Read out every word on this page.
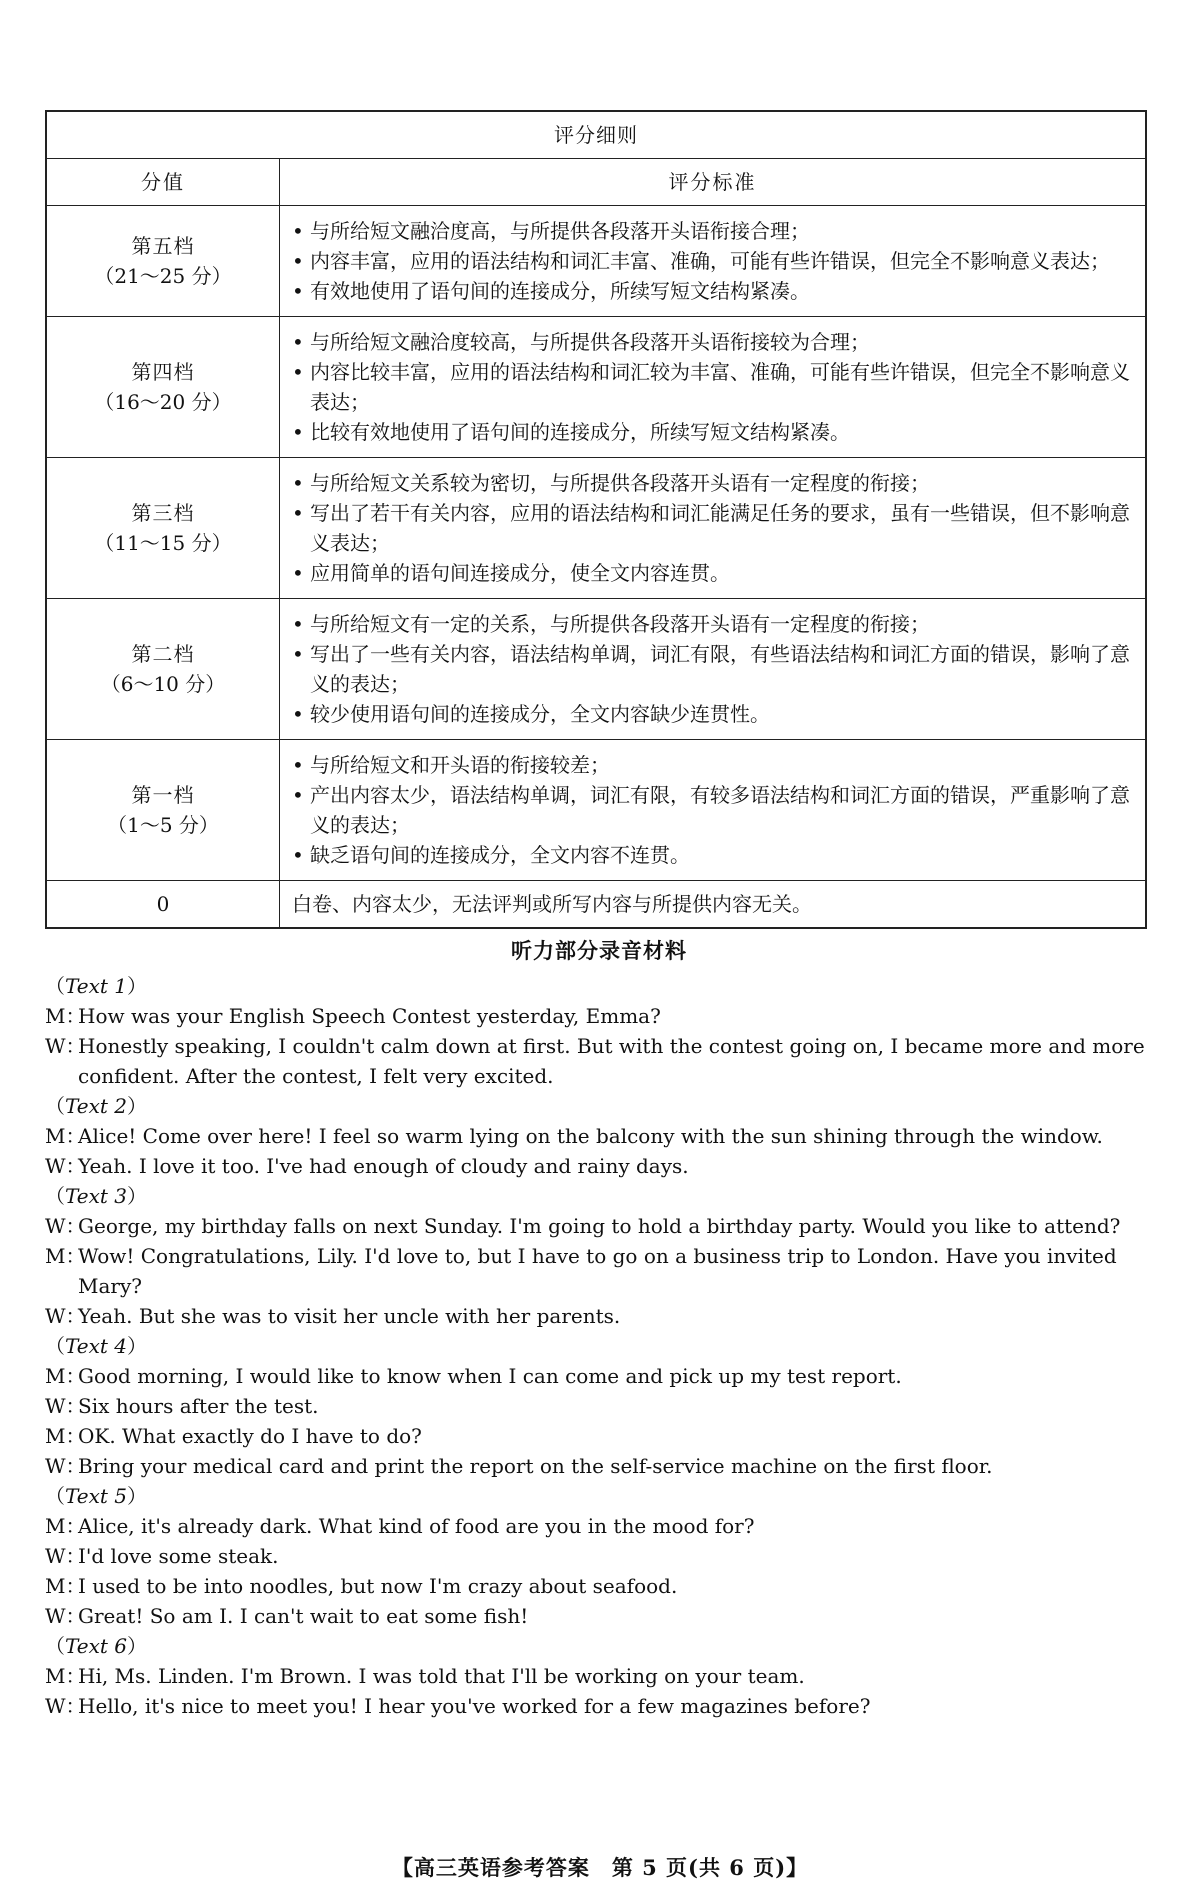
评分细则	
分值	评分标准

第五档
（21～25 分）	• 与所给短文融洽度高，与所提供各段落开头语衔接合理；
• 内容丰富，应用的语法结构和词汇丰富、准确，可能有些许错误，但完全不影响意义表达；
• 有效地使用了语句间的连接成分，所续写短文结构紧凑。

第四档
（16～20 分）	• 与所给短文融洽度较高，与所提供各段落开头语衔接较为合理；
• 内容比较丰富，应用的语法结构和词汇较为丰富、准确，可能有些许错误，但完全不影响意义表达；
• 比较有效地使用了语句间的连接成分，所续写短文结构紧凑。

第三档
（11～15 分）	• 与所给短文关系较为密切，与所提供各段落开头语有一定程度的衔接；
• 写出了若干有关内容，应用的语法结构和词汇能满足任务的要求，虽有一些错误，但不影响意义表达；
• 应用简单的语句间连接成分，使全文内容连贯。

第二档
（6～10 分）	• 与所给短文有一定的关系，与所提供各段落开头语有一定程度的衔接；
• 写出了一些有关内容，语法结构单调，词汇有限，有些语法结构和词汇方面的错误，影响了意义的表达；
• 较少使用语句间的连接成分，全文内容缺少连贯性。

第一档
（1～5 分）	• 与所给短文和开头语的衔接较差；
• 产出内容太少，语法结构单调，词汇有限，有较多语法结构和词汇方面的错误，严重影响了意义的表达；
• 缺乏语句间的连接成分，全文内容不连贯。

0	白卷、内容太少，无法评判或所写内容与所提供内容无关。
听力部分录音材料
（Text 1）
M：How was your English Speech Contest yesterday, Emma?
W：Honestly speaking, I couldn't calm down at first. But with the contest going on, I became more and more confident. After the contest, I felt very excited.
（Text 2）
M：Alice! Come over here! I feel so warm lying on the balcony with the sun shining through the window.
W：Yeah. I love it too. I've had enough of cloudy and rainy days.
（Text 3）
W：George, my birthday falls on next Sunday. I'm going to hold a birthday party. Would you like to attend?
M：Wow! Congratulations, Lily. I'd love to, but I have to go on a business trip to London. Have you invited Mary?
W：Yeah. But she was to visit her uncle with her parents.
（Text 4）
M：Good morning, I would like to know when I can come and pick up my test report.
W：Six hours after the test.
M：OK. What exactly do I have to do?
W：Bring your medical card and print the report on the self-service machine on the first floor.
（Text 5）
M：Alice, it's already dark. What kind of food are you in the mood for?
W：I'd love some steak.
M：I used to be into noodles, but now I'm crazy about seafood.
W：Great! So am I. I can't wait to eat some fish!
（Text 6）
M：Hi, Ms. Linden. I'm Brown. I was told that I'll be working on your team.
W：Hello, it's nice to meet you! I hear you've worked for a few magazines before?
【高三英语参考答案　第 5 页(共 6 页)】
